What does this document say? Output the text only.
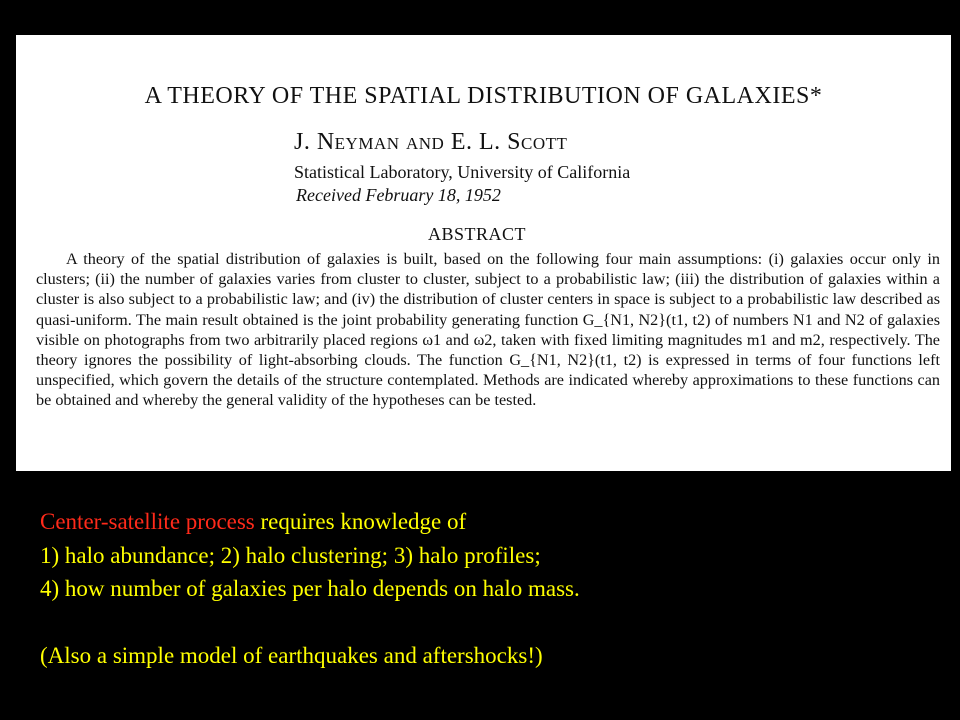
A THEORY OF THE SPATIAL DISTRIBUTION OF GALAXIES*
J. Neyman and E. L. Scott
Statistical Laboratory, University of California
Received February 18, 1952
ABSTRACT
A theory of the spatial distribution of galaxies is built, based on the following four main assumptions: (i) galaxies occur only in clusters; (ii) the number of galaxies varies from cluster to cluster, subject to a probabilistic law; (iii) the distribution of galaxies within a cluster is also subject to a probabilistic law; and (iv) the distribution of cluster centers in space is subject to a probabilistic law described as quasi-uniform. The main result obtained is the joint probability generating function G_{N1, N2}(t1, t2) of numbers N1 and N2 of galaxies visible on photographs from two arbitrarily placed regions ω1 and ω2, taken with fixed limiting magnitudes m1 and m2, respectively. The theory ignores the possibility of light-absorbing clouds. The function G_{N1, N2}(t1, t2) is expressed in terms of four functions left unspecified, which govern the details of the structure contemplated. Methods are indicated whereby approximations to these functions can be obtained and whereby the general validity of the hypotheses can be tested.
Center-satellite process requires knowledge of
1) halo abundance; 2) halo clustering; 3) halo profiles;
4) how number of galaxies per halo depends on halo mass.
(Also a simple model of earthquakes and aftershocks!)
